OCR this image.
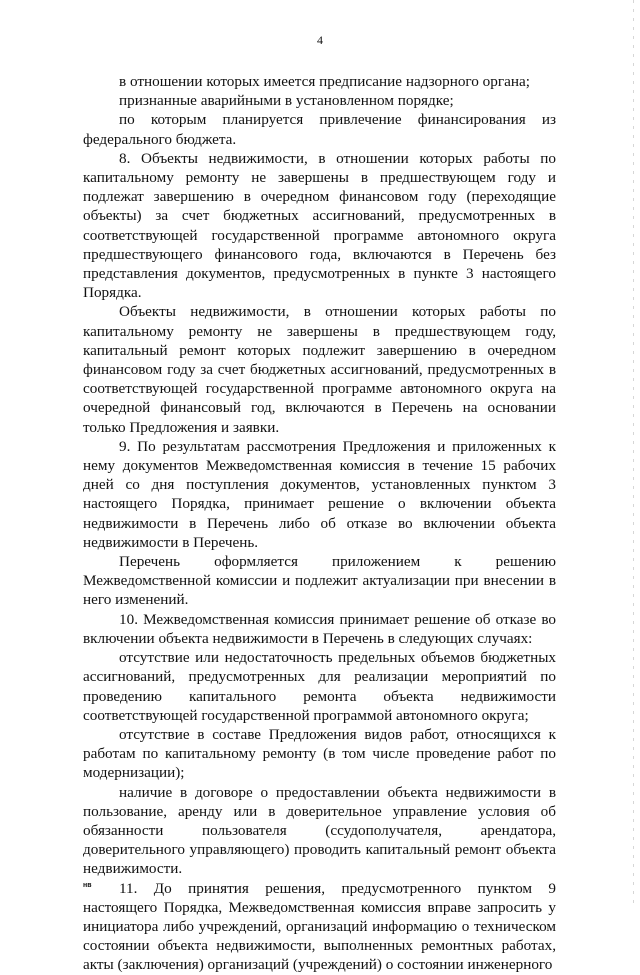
4

в отношении которых имеется предписание надзорного органа;

признанные аварийными в установленном порядке;

по которым планируется привлечение финансирования из федерального бюджета.

8. Объекты недвижимости, в отношении которых работы по капитальному ремонту не завершены в предшествующем году и подлежат завершению в очередном финансовом году (переходящие объекты) за счет бюджетных ассигнований, предусмотренных в соответствующей государственной программе автономного округа предшествующего финансового года, включаются в Перечень без представления документов, предусмотренных в пункте 3 настоящего Порядка.

Объекты недвижимости, в отношении которых работы по капитальному ремонту не завершены в предшествующем году, капитальный ремонт которых подлежит завершению в очередном финансовом году за счет бюджетных ассигнований, предусмотренных в соответствующей государственной программе автономного округа на очередной финансовый год, включаются в Перечень на основании только Предложения и заявки.

9. По результатам рассмотрения Предложения и приложенных к нему документов Межведомственная комиссия в течение 15 рабочих дней со дня поступления документов, установленных пунктом 3 настоящего Порядка, принимает решение о включении объекта недвижимости в Перечень либо об отказе во включении объекта недвижимости в Перечень.

Перечень оформляется приложением к решению Межведомственной комиссии и подлежит актуализации при внесении в него изменений.

10. Межведомственная комиссия принимает решение об отказе во включении объекта недвижимости в Перечень в следующих случаях:

отсутствие или недостаточность предельных объемов бюджетных ассигнований, предусмотренных для реализации мероприятий по проведению капитального ремонта объекта недвижимости соответствующей государственной программой автономного округа;

отсутствие в составе Предложения видов работ, относящихся к работам по капитальному ремонту (в том числе проведение работ по модернизации);

наличие в договоре о предоставлении объекта недвижимости в пользование, аренду или в доверительное управление условия об обязанности пользователя (ссудополучателя, арендатора, доверительного управляющего) проводить капитальный ремонт объекта недвижимости.

11. До принятия решения, предусмотренного пунктом 9 настоящего Порядка, Межведомственная комиссия вправе запросить у инициатора либо учреждений, организаций информацию о техническом состоянии объекта недвижимости, выполненных ремонтных работах, акты (заключения) организаций (учреждений) о состоянии инженерного

нв
